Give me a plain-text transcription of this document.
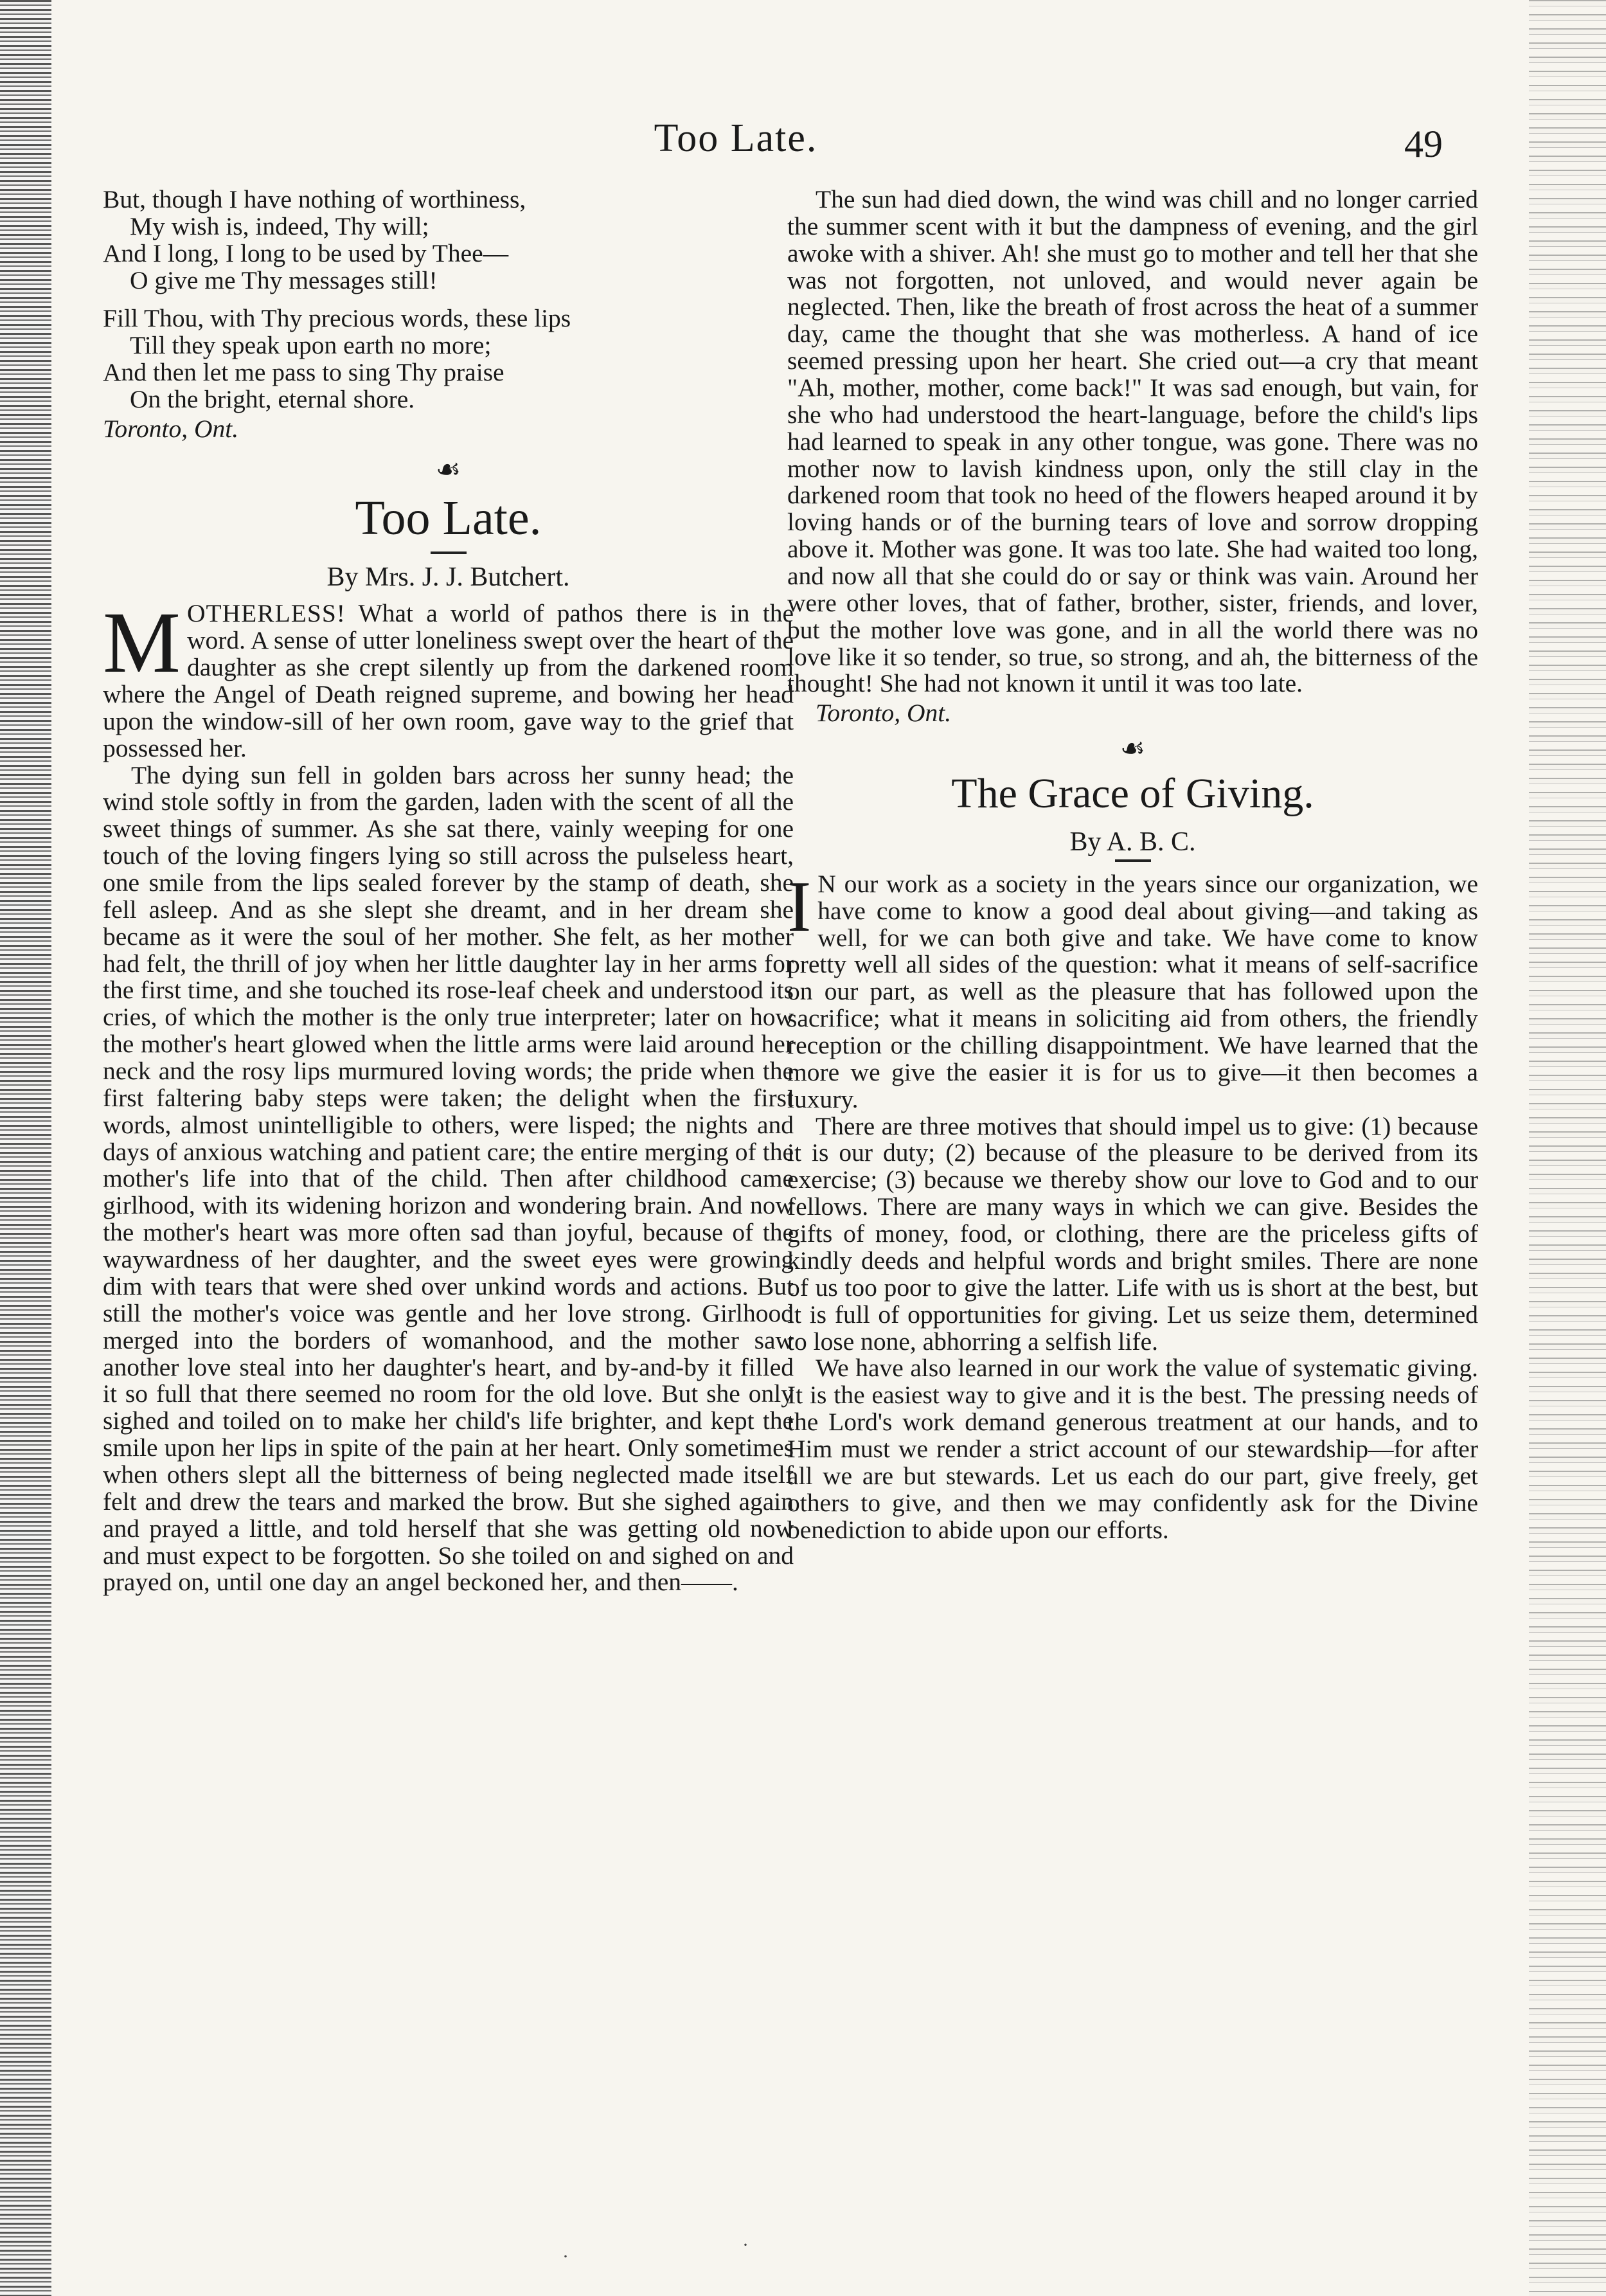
Too Late.	49
But, though I have nothing of worthiness,
My wish is, indeed, Thy will;
And I long, I long to be used by Thee—
O give me Thy messages still!
Fill Thou, with Thy precious words, these lips
Till they speak upon earth no more;
And then let me pass to sing Thy praise
On the bright, eternal shore.
Toronto, Ont.
☙
Too Late.
By Mrs. J. J. Butchert.

MOTHERLESS! What a world of pathos there is in the word. A sense of utter loneliness swept over the heart of the daughter as she crept silently up from the darkened room where the Angel of Death reigned supreme, and bowing her head upon the window-sill of her own room, gave way to the grief that possessed her.

The dying sun fell in golden bars across her sunny head; the wind stole softly in from the garden, laden with the scent of all the sweet things of summer. As she sat there, vainly weeping for one touch of the loving fingers lying so still across the pulseless heart, one smile from the lips sealed forever by the stamp of death, she fell asleep. And as she slept she dreamt, and in her dream she became as it were the soul of her mother. She felt, as her mother had felt, the thrill of joy when her little daughter lay in her arms for the first time, and she touched its rose-leaf cheek and understood its cries, of which the mother is the only true interpreter; later on how the mother's heart glowed when the little arms were laid around her neck and the rosy lips murmured loving words; the pride when the first faltering baby steps were taken; the delight when the first words, almost unintelligible to others, were lisped; the nights and days of anxious watching and patient care; the entire merging of the mother's life into that of the child. Then after childhood came girlhood, with its widening horizon and wondering brain. And now the mother's heart was more often sad than joyful, because of the waywardness of her daughter, and the sweet eyes were growing dim with tears that were shed over unkind words and actions. But still the mother's voice was gentle and her love strong. Girlhood merged into the borders of womanhood, and the mother saw another love steal into her daughter's heart, and by-and-by it filled it so full that there seemed no room for the old love. But she only sighed and toiled on to make her child's life brighter, and kept the smile upon her lips in spite of the pain at her heart. Only sometimes when others slept all the bitterness of being neglected made itself felt and drew the tears and marked the brow. But she sighed again and prayed a little, and told herself that she was getting old now and must expect to be forgotten. So she toiled on and sighed on and prayed on, until one day an angel beckoned her, and then——.

The sun had died down, the wind was chill and no longer carried the summer scent with it but the dampness of evening, and the girl awoke with a shiver. Ah! she must go to mother and tell her that she was not forgotten, not unloved, and would never again be neglected. Then, like the breath of frost across the heat of a summer day, came the thought that she was motherless. A hand of ice seemed pressing upon her heart. She cried out—a cry that meant "Ah, mother, mother, come back!" It was sad enough, but vain, for she who had understood the heart-language, before the child's lips had learned to speak in any other tongue, was gone. There was no mother now to lavish kindness upon, only the still clay in the darkened room that took no heed of the flowers heaped around it by loving hands or of the burning tears of love and sorrow dropping above it. Mother was gone. It was too late. She had waited too long, and now all that she could do or say or think was vain. Around her were other loves, that of father, brother, sister, friends, and lover, but the mother love was gone, and in all the world there was no love like it so tender, so true, so strong, and ah, the bitterness of the thought! She had not known it until it was too late.

Toronto, Ont.
☙
The Grace of Giving.
By A. B. C.

I N our work as a society in the years since our organization, we have come to know a good deal about giving—and taking as well, for we can both give and take. We have come to know pretty well all sides of the question: what it means of self-sacrifice on our part, as well as the pleasure that has followed upon the sacrifice; what it means in soliciting aid from others, the friendly reception or the chilling disappointment. We have learned that the more we give the easier it is for us to give—it then becomes a luxury.

There are three motives that should impel us to give: (1) because it is our duty; (2) because of the pleasure to be derived from its exercise; (3) because we thereby show our love to God and to our fellows. There are many ways in which we can give. Besides the gifts of money, food, or clothing, there are the priceless gifts of kindly deeds and helpful words and bright smiles. There are none of us too poor to give the latter. Life with us is short at the best, but it is full of opportunities for giving. Let us seize them, determined to lose none, abhorring a selfish life.

We have also learned in our work the value of systematic giving. It is the easiest way to give and it is the best. The pressing needs of the Lord's work demand generous treatment at our hands, and to Him must we render a strict account of our stewardship—for after all we are but stewards. Let us each do our part, give freely, get others to give, and then we may confidently ask for the Divine benediction to abide upon our efforts.

·
·
